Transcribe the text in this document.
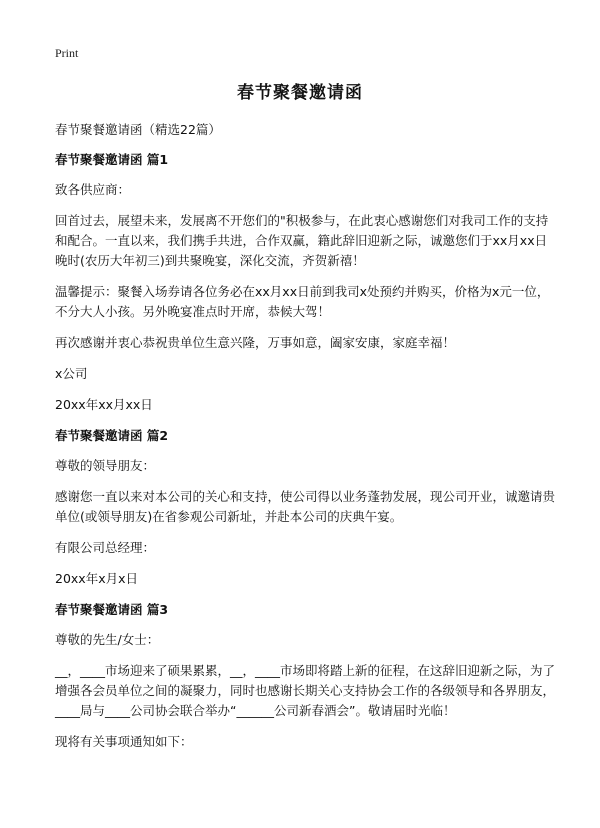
Print
春节聚餐邀请函

春节聚餐邀请函（精选22篇）

春节聚餐邀请函 篇1

致各供应商：

回首过去，展望未来，发展离不开您们的"积极参与，在此衷心感谢您们对我司工作的支持和配合。一直以来，我们携手共进，合作双赢，籍此辞旧迎新之际，诚邀您们于xx月xx日晚时(农历大年初三)到共聚晚宴，深化交流，齐贺新禧！

温馨提示：聚餐入场券请各位务必在xx月xx日前到我司x处预约并购买，价格为x元一位，不分大人小孩。另外晚宴准点时开席，恭候大驾！

再次感谢并衷心恭祝贵单位生意兴隆，万事如意，阖家安康，家庭幸福！

x公司

20xx年xx月xx日

春节聚餐邀请函 篇2

尊敬的领导朋友：

感谢您一直以来对本公司的关心和支持，使公司得以业务蓬勃发展，现公司开业，诚邀请贵单位(或领导朋友)在省参观公司新址，并赴本公司的庆典午宴。

有限公司总经理：

20xx年x月x日

春节聚餐邀请函 篇3

尊敬的先生/女士：

__，____市场迎来了硕果累累，__，____市场即将踏上新的征程，在这辞旧迎新之际，为了增强各会员单位之间的凝聚力，同时也感谢长期关心支持协会工作的各级领导和各界朋友，____局与____公司协会联合举办“______公司新春酒会”。敬请届时光临！

现将有关事项通知如下：
